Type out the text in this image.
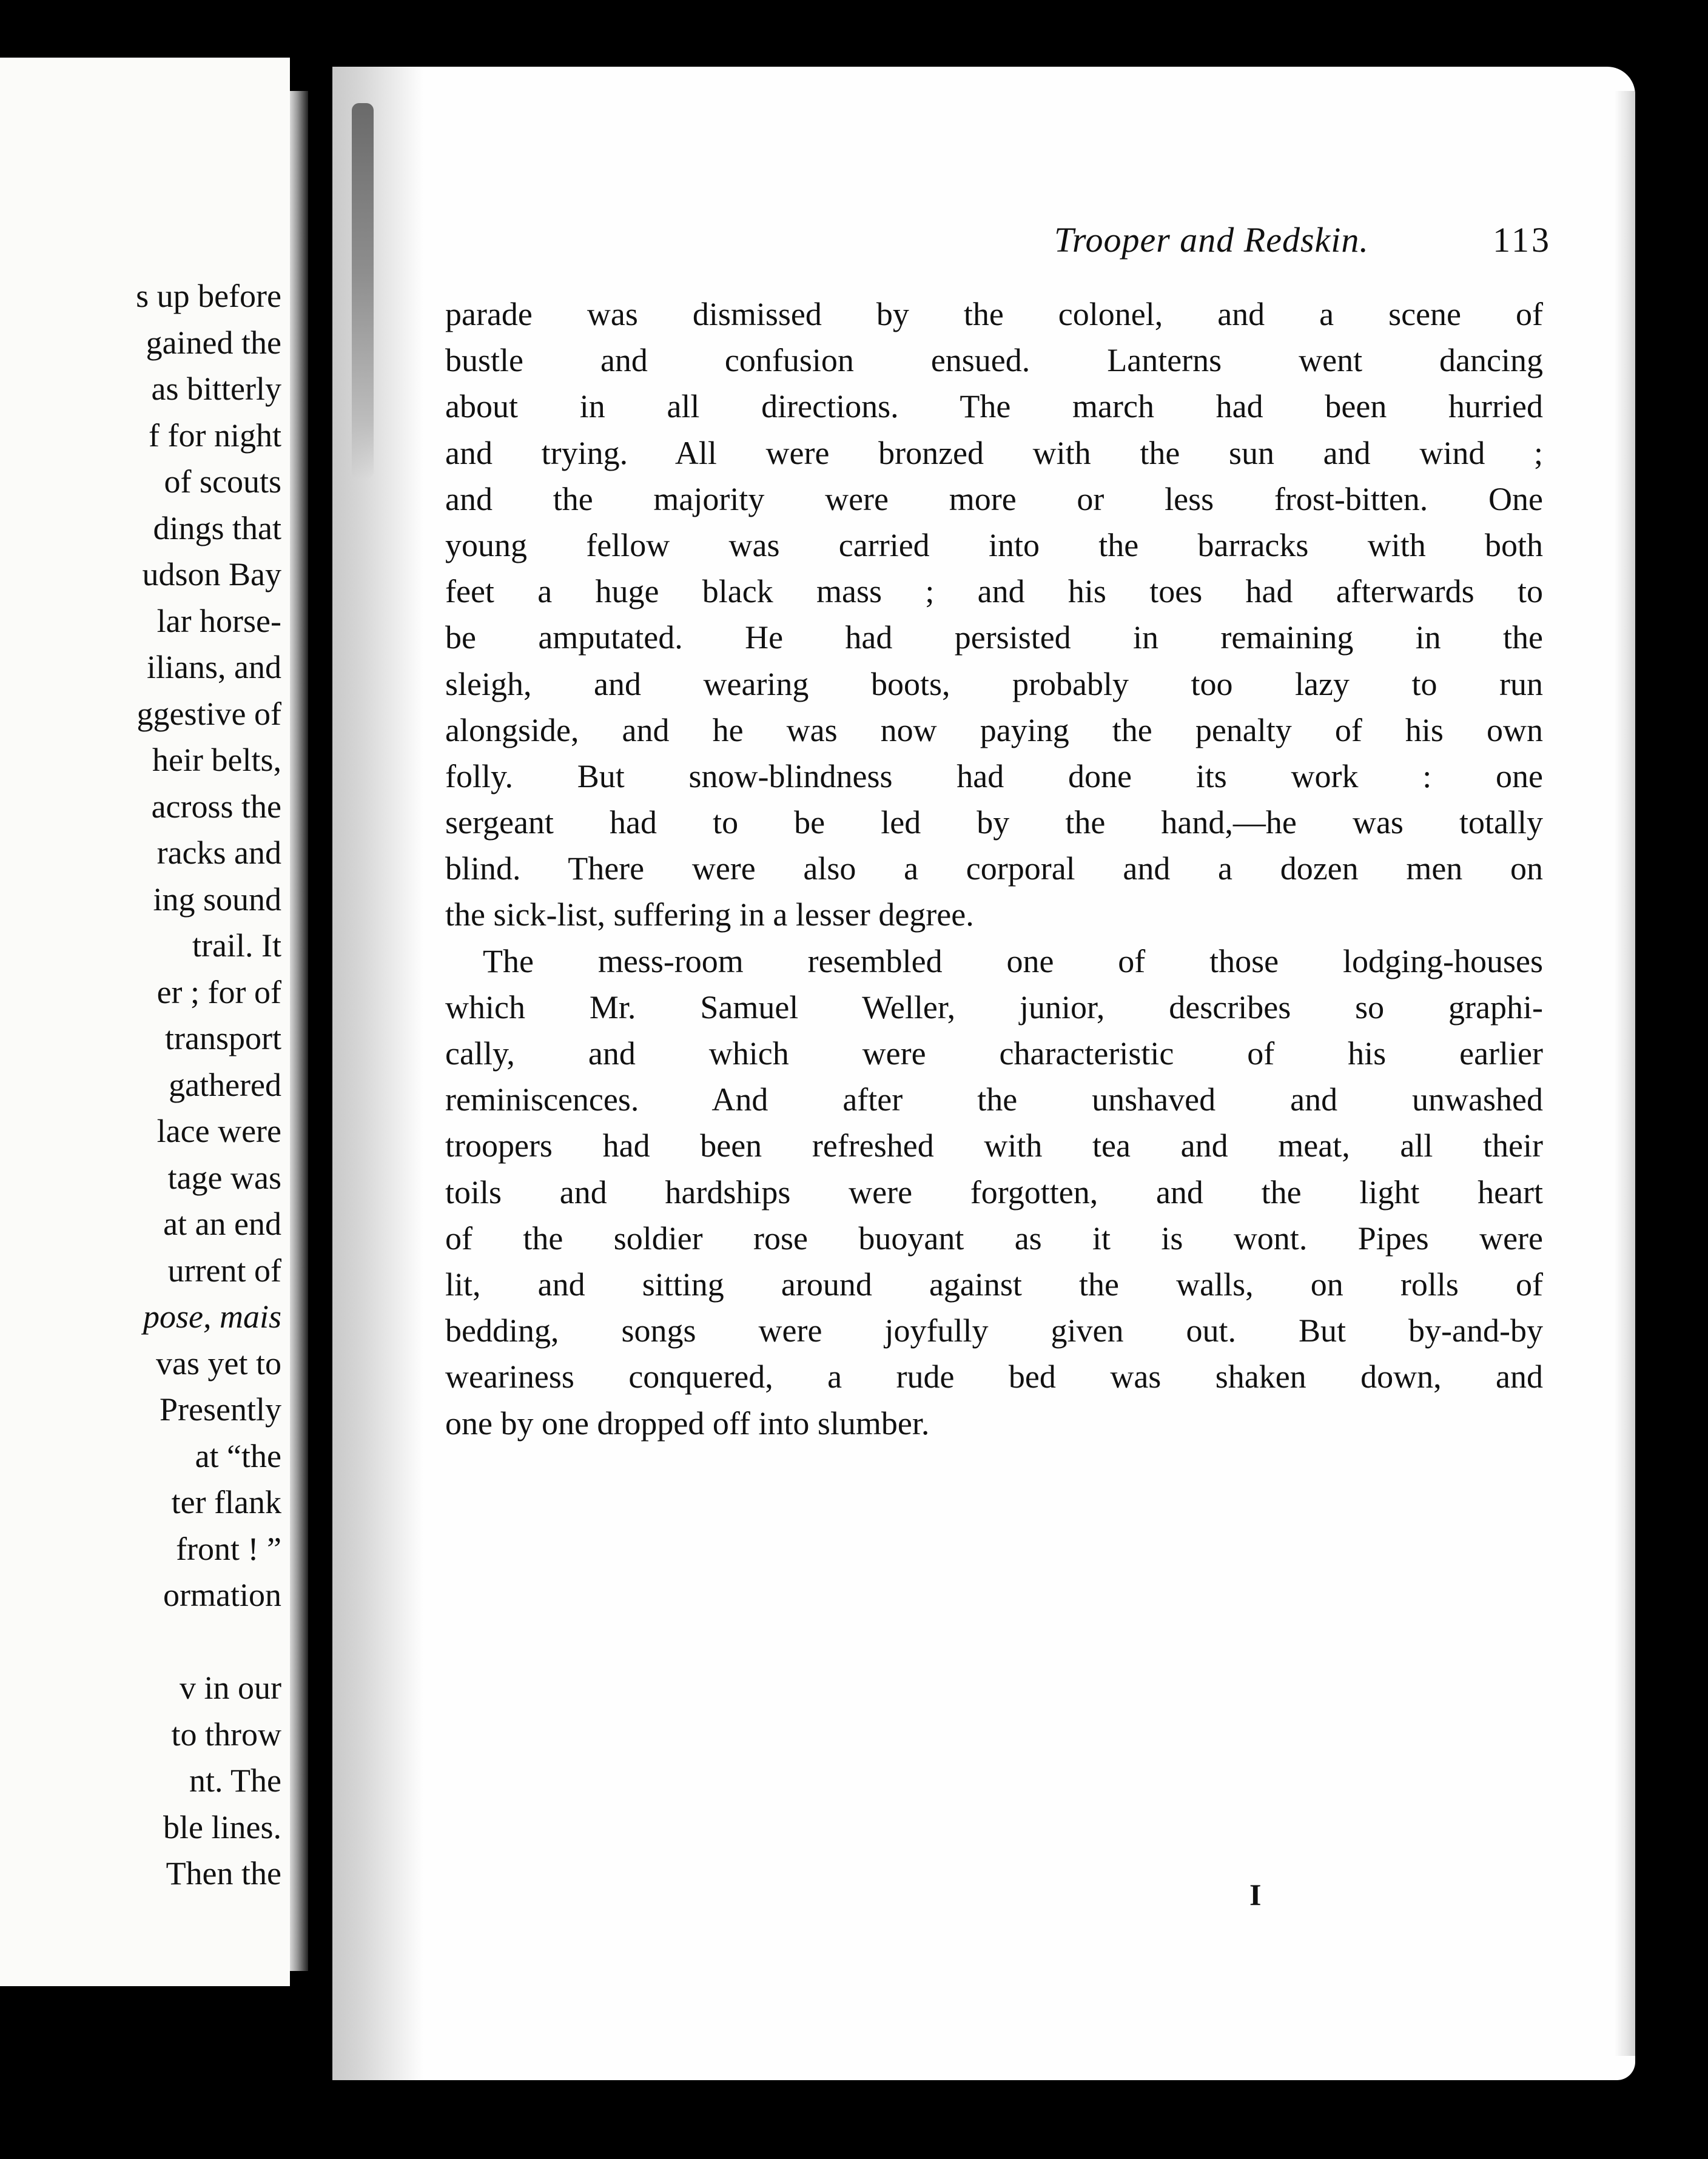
s up before
gained the
as bitterly
f for night
of scouts
dings that
udson Bay
lar horse-
ilians, and
ggestive of
heir belts,
across the
racks and
ing sound
trail. It
er ; for of
transport
gathered
lace were
tage was
at an end
urrent of
pose, mais
vas yet to
Presently
at “the
ter flank
front ! ”
ormation
v in our
to throw
nt. The
ble lines.
Then the
Trooper and Redskin.	113
parade was dismissed by the colonel, and a scene of
bustle and confusion ensued. Lanterns went dancing
about in all directions. The march had been hurried
and trying. All were bronzed with the sun and wind ;
and the majority were more or less frost-bitten. One
young fellow was carried into the barracks with both
feet a huge black mass ; and his toes had afterwards to
be amputated. He had persisted in remaining in the
sleigh, and wearing boots, probably too lazy to run
alongside, and he was now paying the penalty of his own
folly. But snow-blindness had done its work : one
sergeant had to be led by the hand,—he was totally
blind. There were also a corporal and a dozen men on
the sick-list, suffering in a lesser degree.
The mess-room resembled one of those lodging-houses
which Mr. Samuel Weller, junior, describes so graphi-
cally, and which were characteristic of his earlier
reminiscences. And after the unshaved and unwashed
troopers had been refreshed with tea and meat, all their
toils and hardships were forgotten, and the light heart
of the soldier rose buoyant as it is wont. Pipes were
lit, and sitting around against the walls, on rolls of
bedding, songs were joyfully given out. But by-and-by
weariness conquered, a rude bed was shaken down, and
one by one dropped off into slumber.
I
